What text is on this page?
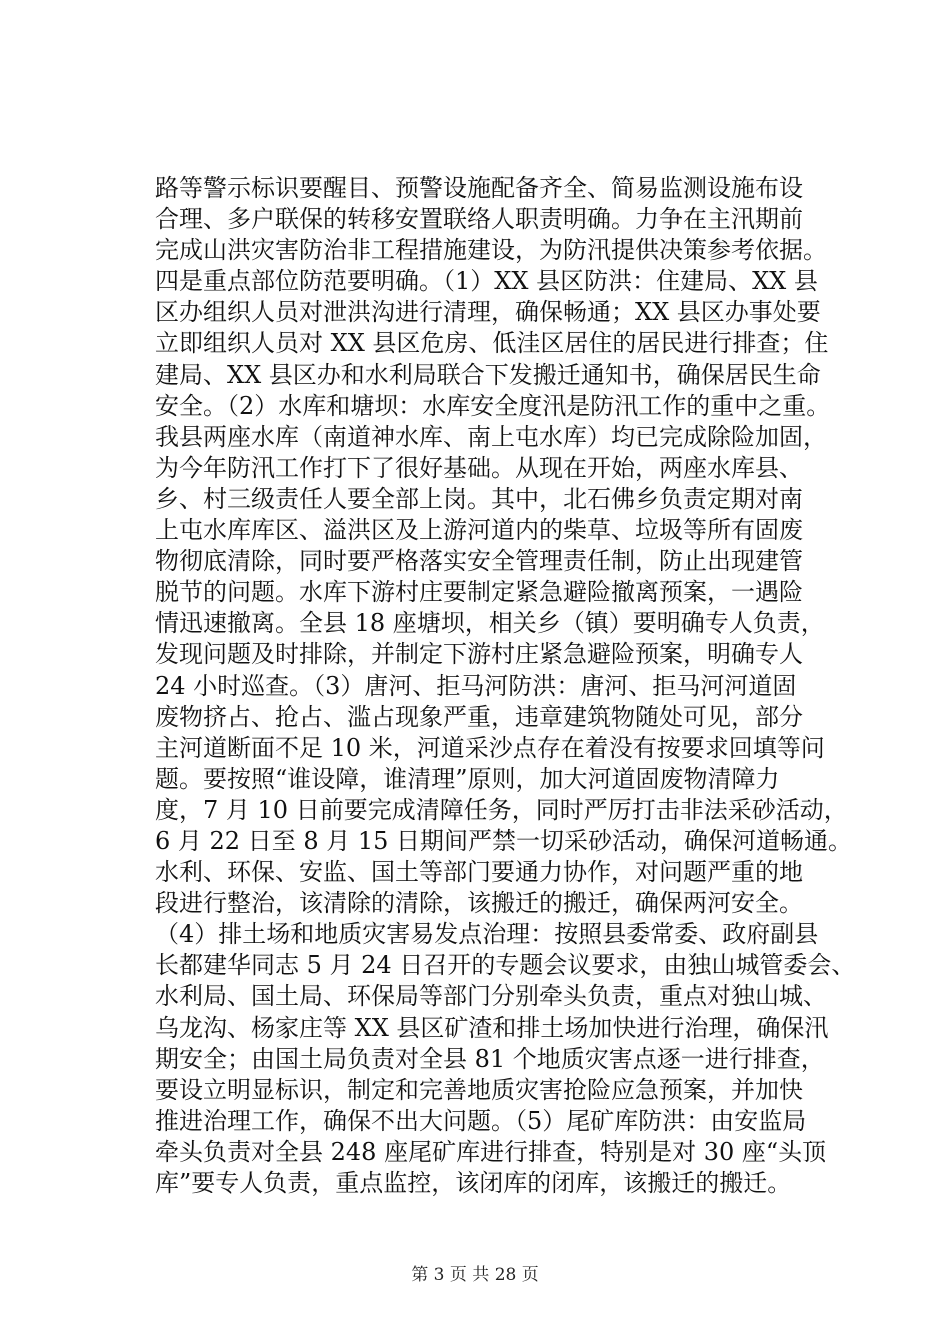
路等警示标识要醒目、预警设施配备齐全、简易监测设施布设
合理、多户联保的转移安置联络人职责明确。力争在主汛期前
完成山洪灾害防治非工程措施建设，为防汛提供决策参考依据。
四是重点部位防范要明确。（1）XX 县区防洪：住建局、XX 县
区办组织人员对泄洪沟进行清理，确保畅通；XX 县区办事处要
立即组织人员对 XX 县区危房、低洼区居住的居民进行排查；住
建局、XX 县区办和水利局联合下发搬迁通知书，确保居民生命
安全。（2）水库和塘坝：水库安全度汛是防汛工作的重中之重。
我县两座水库（南道神水库、南上屯水库）均已完成除险加固，
为今年防汛工作打下了很好基础。从现在开始，两座水库县、
乡、村三级责任人要全部上岗。其中，北石佛乡负责定期对南
上屯水库库区、溢洪区及上游河道内的柴草、垃圾等所有固废
物彻底清除，同时要严格落实安全管理责任制，防止出现建管
脱节的问题。水库下游村庄要制定紧急避险撤离预案，一遇险
情迅速撤离。全县 18 座塘坝，相关乡（镇）要明确专人负责，
发现问题及时排除，并制定下游村庄紧急避险预案，明确专人
24 小时巡查。（3）唐河、拒马河防洪：唐河、拒马河河道固
废物挤占、抢占、滥占现象严重，违章建筑物随处可见，部分
主河道断面不足 10 米，河道采沙点存在着没有按要求回填等问
题。要按照“谁设障，谁清理”原则，加大河道固废物清障力
度，7 月 10 日前要完成清障任务，同时严厉打击非法采砂活动，
6 月 22 日至 8 月 15 日期间严禁一切采砂活动，确保河道畅通。
水利、环保、安监、国土等部门要通力协作，对问题严重的地
段进行整治，该清除的清除，该搬迁的搬迁，确保两河安全。
（4）排土场和地质灾害易发点治理：按照县委常委、政府副县
长都建华同志 5 月 24 日召开的专题会议要求，由独山城管委会、
水利局、国土局、环保局等部门分别牵头负责，重点对独山城、
乌龙沟、杨家庄等 XX 县区矿渣和排土场加快进行治理，确保汛
期安全；由国土局负责对全县 81 个地质灾害点逐一进行排查，
要设立明显标识，制定和完善地质灾害抢险应急预案，并加快
推进治理工作，确保不出大问题。（5）尾矿库防洪：由安监局
牵头负责对全县 248 座尾矿库进行排查，特别是对 30 座“头顶
库”要专人负责，重点监控，该闭库的闭库，该搬迁的搬迁。
第 3 页 共 28 页
